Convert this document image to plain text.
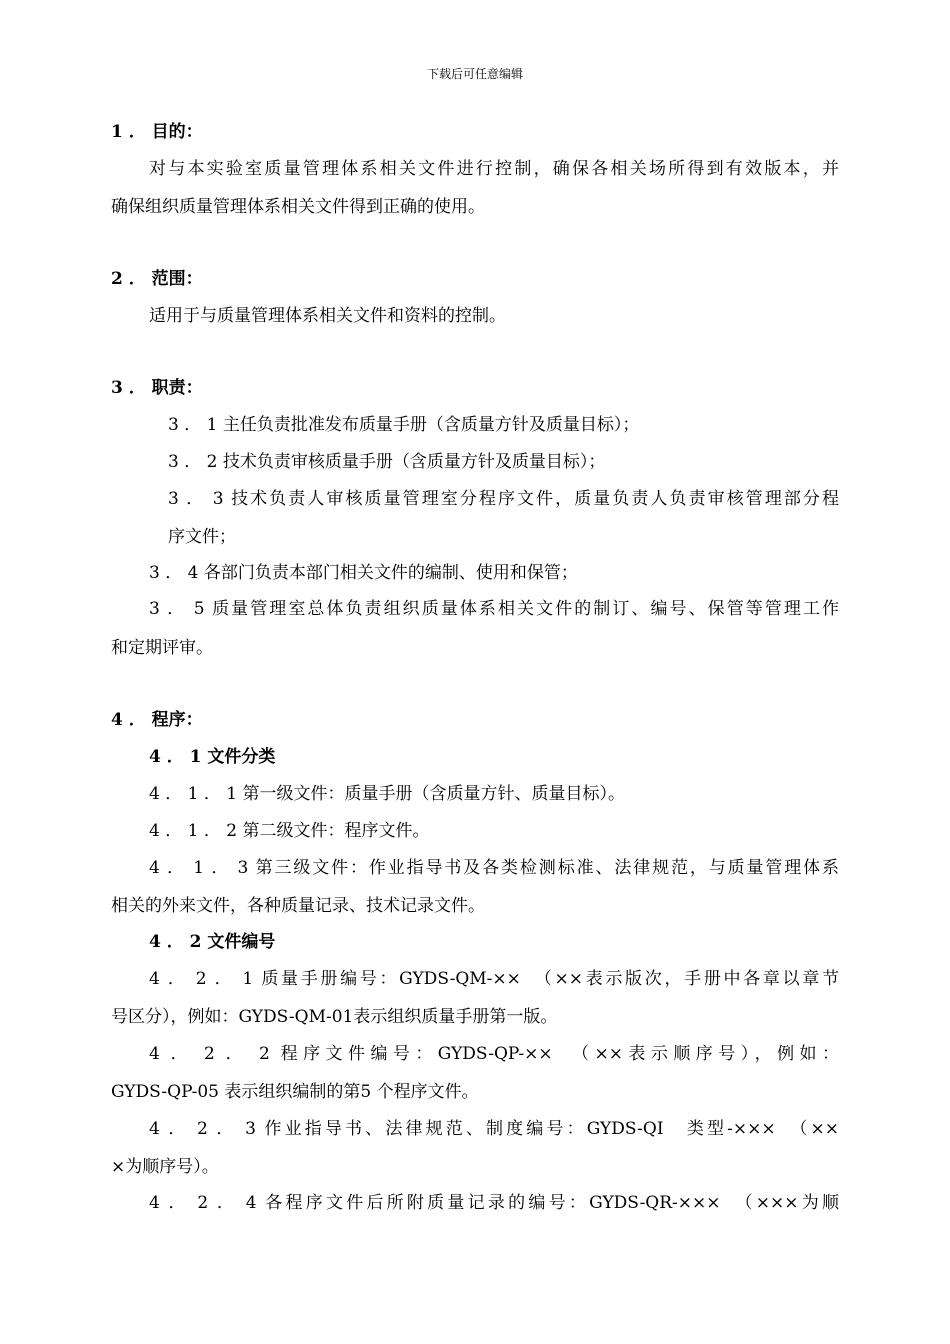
下载后可任意编辑
1 ． 目的：
对与本实验室质量管理体系相关文件进行控制，确保各相关场所得到有效版本，并
确保组织质量管理体系相关文件得到正确的使用。
2 ． 范围：
适用于与质量管理体系相关文件和资料的控制。
3 ． 职责：
3 ． 1 主任负责批准发布质量手册（含质量方针及质量目标）；
3 ． 2 技术负责审核质量手册（含质量方针及质量目标）；
3 ． 3 技术负责人审核质量管理室分程序文件，质量负责人负责审核管理部分程
序文件；
3 ． 4 各部门负责本部门相关文件的编制、使用和保管；
3 ． 5 质量管理室总体负责组织质量体系相关文件的制订、编号、保管等管理工作
和定期评审。
4 ． 程序：
4 ． 1 文件分类
4 ． 1 ． 1 第一级文件：质量手册（含质量方针、质量目标）。
4 ． 1 ． 2 第二级文件：程序文件。
4 ． 1 ． 3 第三级文件：作业指导书及各类检测标准、法律规范，与质量管理体系
相关的外来文件，各种质量记录、技术记录文件。
4 ． 2 文件编号
4 ． 2 ． 1 质量手册编号：GYDS-QM-××　（××表示版次，手册中各章以章节
号区分），例如：GYDS-QM-01表示组织质量手册第一版。
4 ． 2 ． 2 程序文件编号：GYDS-QP-××　（××表示顺序号），例如：
GYDS-QP-05 表示组织编制的第5 个程序文件。
4 ． 2 ． 3 作业指导书、法律规范、制度编号：GYDS-QI　类型-×××　（××
×为顺序号）。
4 ． 2 ． 4 各程序文件后所附质量记录的编号：GYDS-QR-×××　（×××为顺
